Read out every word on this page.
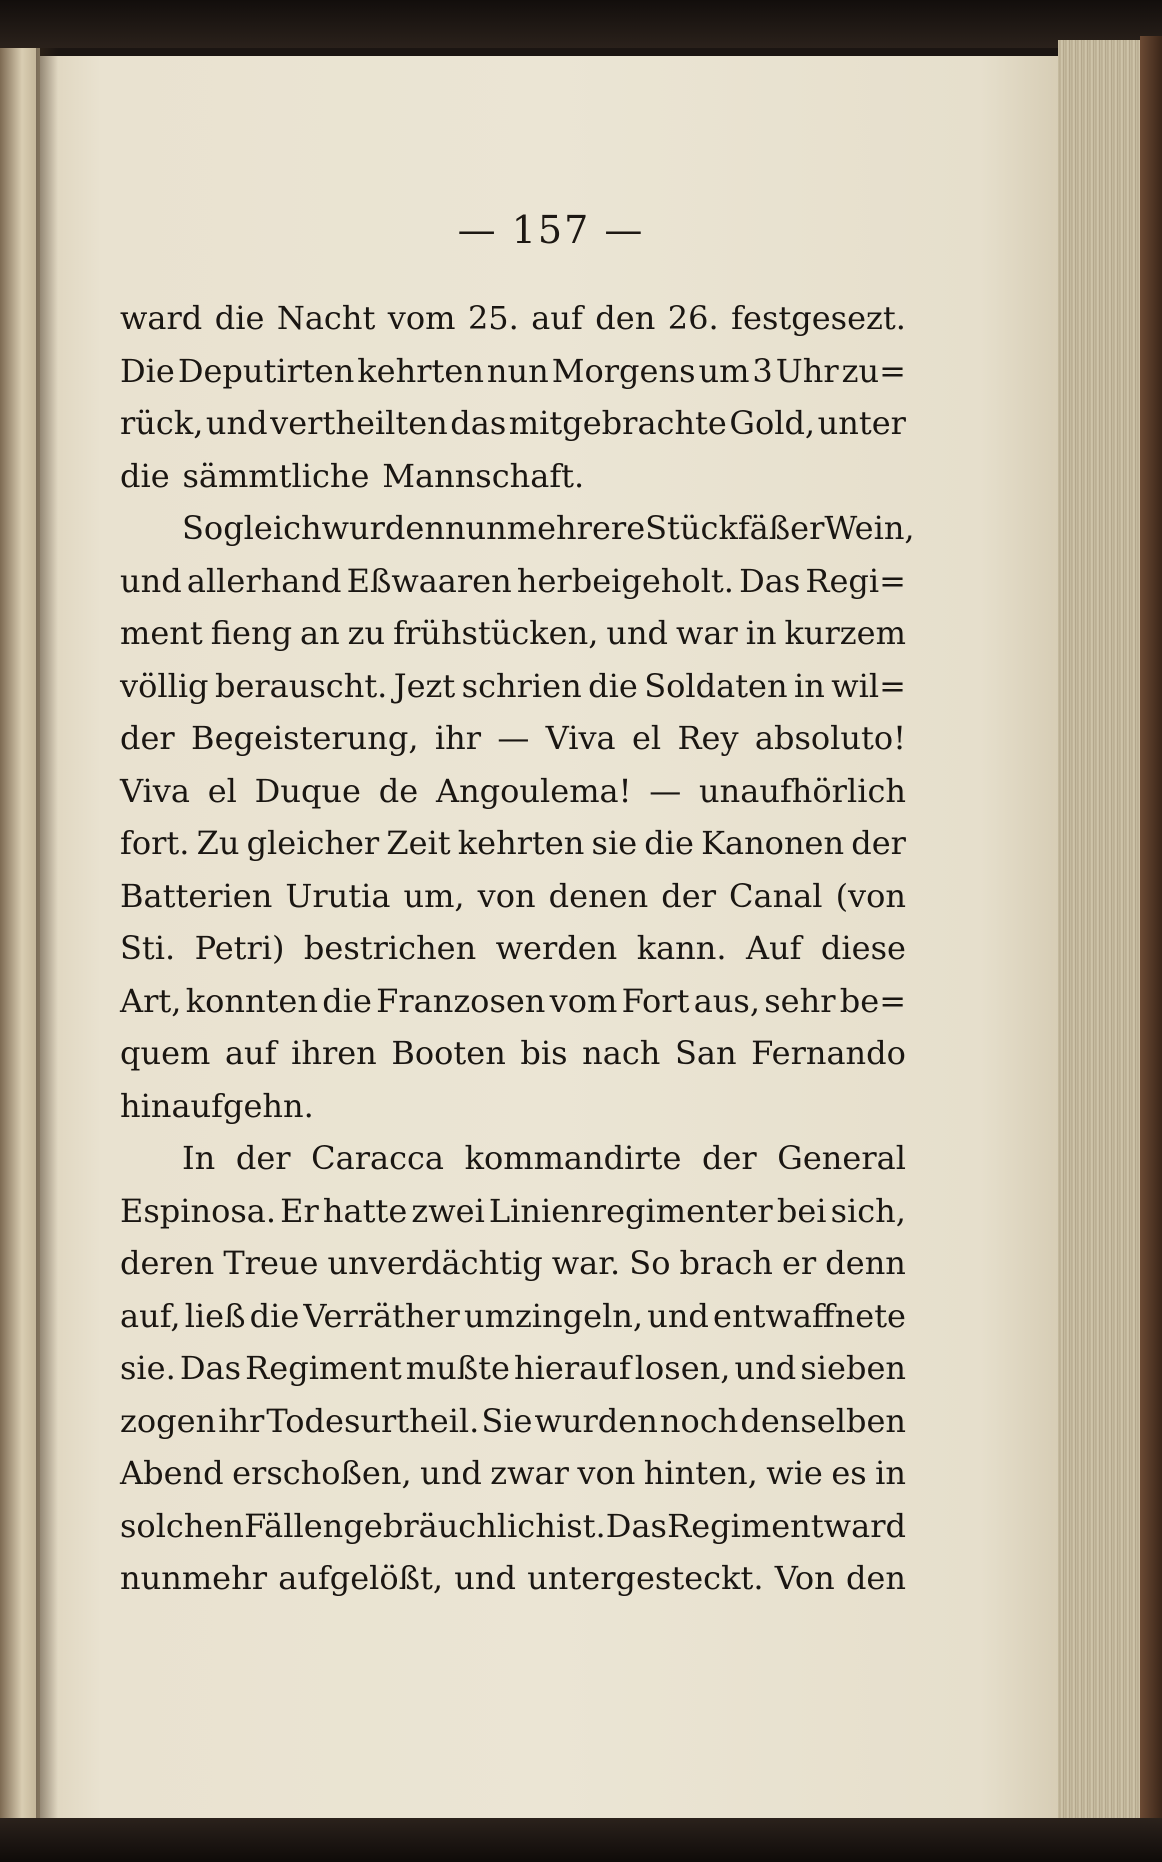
— 157 —
ward die Nacht vom 25. auf den 26. festgesezt.
Die Deputirten kehrten nun Morgens um 3 Uhr zu=
rück, und vertheilten das mitgebrachte Gold, unter
die sämmtliche Mannschaft.
Sogleich wurden nun mehrere Stückfäßer Wein,
und allerhand Eßwaaren herbeigeholt. Das Regi=
ment fieng an zu frühstücken, und war in kurzem
völlig berauscht. Jezt schrien die Soldaten in wil=
der Begeisterung, ihr — Viva el Rey absoluto!
Viva el Duque de Angoulema! — unaufhörlich
fort. Zu gleicher Zeit kehrten sie die Kanonen der
Batterien Urutia um, von denen der Canal (von
Sti. Petri) bestrichen werden kann. Auf diese
Art, konnten die Franzosen vom Fort aus, sehr be=
quem auf ihren Booten bis nach San Fernando
hinaufgehn.
In der Caracca kommandirte der General
Espinosa. Er hatte zwei Linienregimenter bei sich,
deren Treue unverdächtig war. So brach er denn
auf, ließ die Verräther umzingeln, und entwaffnete
sie. Das Regiment mußte hierauf losen, und sieben
zogen ihr Todesurtheil. Sie wurden noch denselben
Abend erschoßen, und zwar von hinten, wie es in
solchen Fällen gebräuchlich ist. Das Regiment ward
nunmehr aufgelößt, und untergesteckt. Von den
